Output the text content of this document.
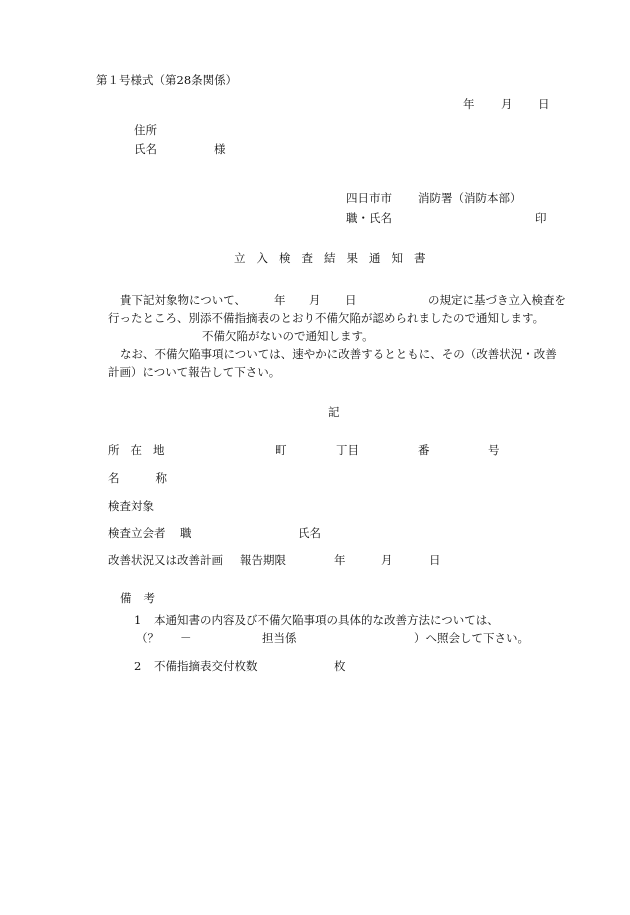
第１号様式（第28条関係）
年 月 日
住所
氏名	様
四日市市 消防署（消防本部）
職・氏名	印
立入検査結果通知書
貴下記対象物について、 年 月 日	の規定に基づき立入検査を
行ったところ、別添不備指摘表のとおり不備欠陥が認められましたので通知します。
不備欠陥がないので通知します。
なお、不備欠陥事項については、速やかに改善するとともに、その（改善状況・改善
計画）について報告して下さい。
記
所在地	町	丁目	番	号
名称
検査対象
検査立会者 職	氏名
改善状況又は改善計画 報告期限	年	月	日
備考
1 本通知書の内容及び不備欠陥事項の具体的な改善方法については、
（？ －	担当係	）へ照会して下さい。
2 不備指摘表交付枚数	枚
